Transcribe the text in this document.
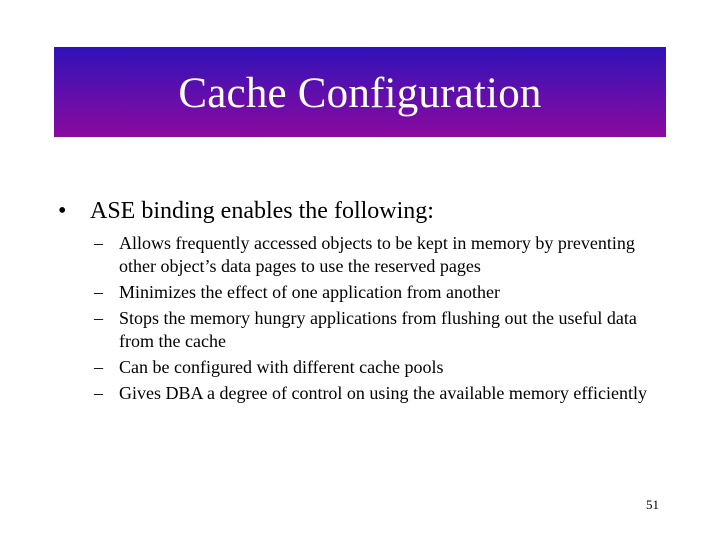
Cache Configuration
• ASE binding enables the following:
– Allows frequently accessed objects to be kept in memory by preventing other object’s data pages to use the reserved pages
– Minimizes the effect of one application from another
– Stops the memory hungry applications from flushing out the useful data from the cache
– Can be configured with different cache pools
– Gives DBA a degree of control on using the available memory efficiently
51
